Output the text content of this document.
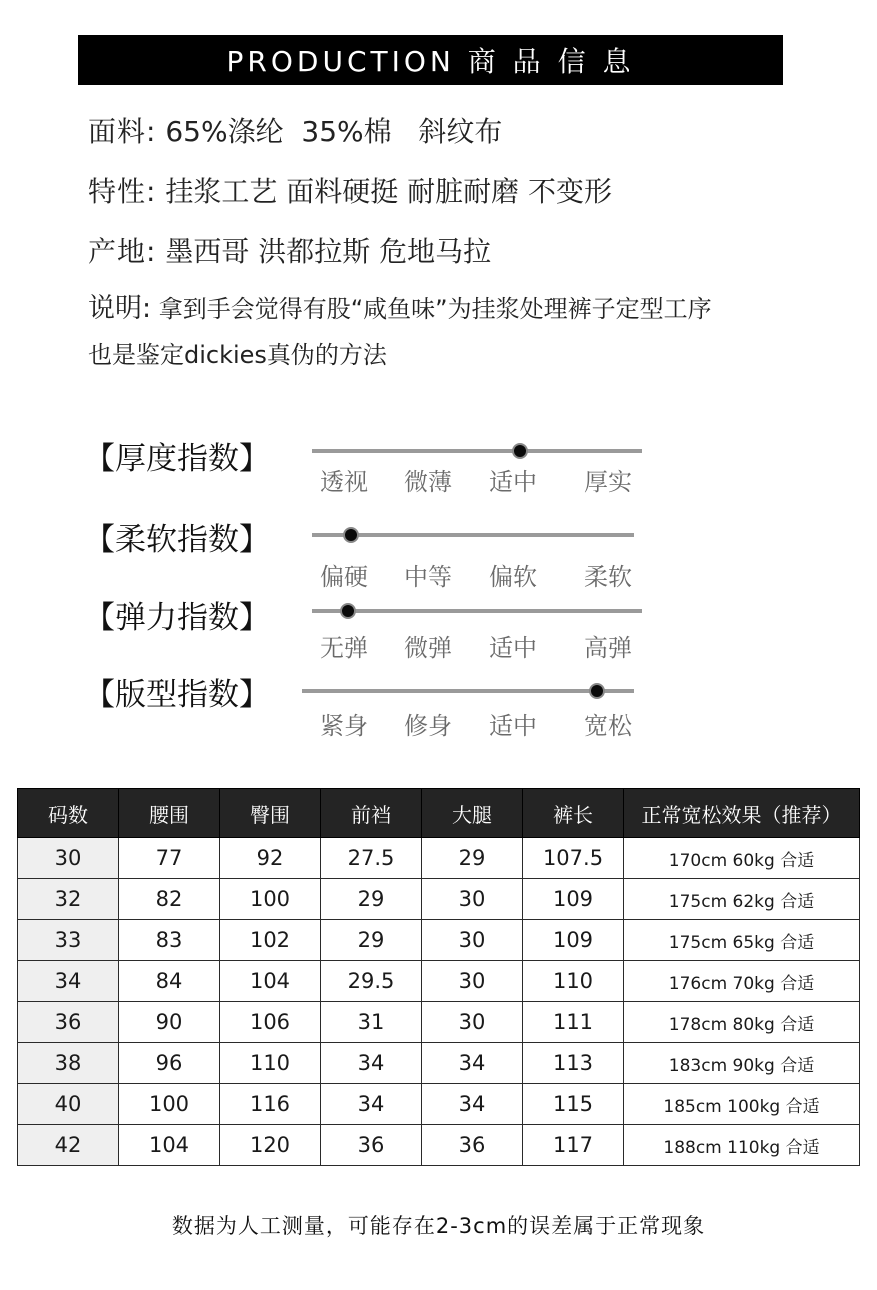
PRODUCTION 商 品 信 息
面料: 65%涤纶  35%棉   斜纹布
特性: 挂浆工艺 面料硬挺 耐脏耐磨 不变形
产地: 墨西哥 洪都拉斯 危地马拉
说明: 拿到手会觉得有股“咸鱼味”为挂浆处理裤子定型工序
也是鉴定dickies真伪的方法
【厚度指数】
透视 微薄 适中 厚实
【柔软指数】
偏硬 中等 偏软 柔软
【弹力指数】
无弹 微弹 适中 高弹
【版型指数】
紧身 修身 适中 宽松
码数	腰围	臀围	前裆	大腿	裤长	正常宽松效果（推荐）
30	77	92	27.5	29	107.5	170cm 60kg 合适
32	82	100	29	30	109	175cm 62kg 合适
33	83	102	29	30	109	175cm 65kg 合适
34	84	104	29.5	30	110	176cm 70kg 合适
36	90	106	31	30	111	178cm 80kg 合适
38	96	110	34	34	113	183cm 90kg 合适
40	100	116	34	34	115	185cm 100kg 合适
42	104	120	36	36	117	188cm 110kg 合适
数据为人工测量，可能存在2-3cm的误差属于正常现象
